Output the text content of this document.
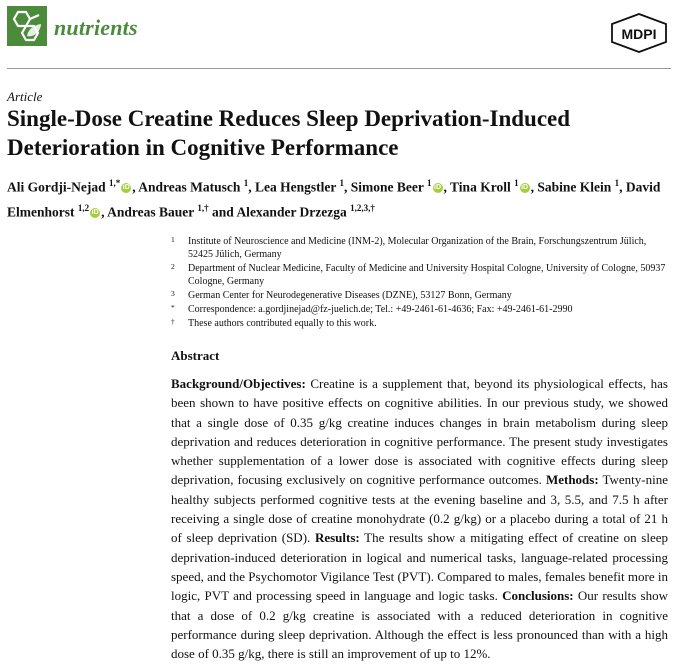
nutrients	MDPI
Article
Single-Dose Creatine Reduces Sleep Deprivation-Induced Deterioration in Cognitive Performance
Ali Gordji-Nejad $^{1,*}$ iD , Andreas Matusch $^1$, Lea Hengstler $^1$, Simone Beer $^1$ iD , Tina Kroll $^1$ iD , Sabine Klein $^1$, David Elmenhorst $^{1,2}$ iD , Andreas Bauer $^{1,\dagger}$ and Alexander Drzezga $^{1,2,3,\dagger}$
1 Institute of Neuroscience and Medicine (INM-2), Molecular Organization of the Brain, Forschungszentrum Jülich, 52425 Jülich, Germany
2 Department of Nuclear Medicine, Faculty of Medicine and University Hospital Cologne, University of Cologne, 50937 Cologne, Germany
3 German Center for Neurodegenerative Diseases (DZNE), 53127 Bonn, Germany
* Correspondence: a.gordjinejad@fz-juelich.de; Tel.: +49-2461-61-4636; Fax: +49-2461-61-2990
† These authors contributed equally to this work.
Abstract
Background/Objectives: Creatine is a supplement that, beyond its physiological effects, has been shown to have positive effects on cognitive abilities. In our previous study, we showed that a single dose of 0.35 g/kg creatine induces changes in brain metabolism during sleep deprivation and reduces deterioration in cognitive performance. The present study investigates whether supplementation of a lower dose is associated with cognitive effects during sleep deprivation, focusing exclusively on cognitive performance outcomes. Methods: Twenty-nine healthy subjects performed cognitive tests at the evening baseline and 3, 5.5, and 7.5 h after receiving a single dose of creatine monohydrate (0.2 g/kg) or a placebo during a total of 21 h of sleep deprivation (SD). Results: The results show a mitigating effect of creatine on sleep deprivation-induced deterioration in logical and numerical tasks, language-related processing speed, and the Psychomotor Vigilance Test (PVT). Compared to males, females benefit more in logic, PVT and processing speed in language and logic tasks. Conclusions: Our results show that a dose of 0.2 g/kg creatine is associated with a reduced deterioration in cognitive performance during sleep deprivation. Although the effect is less pronounced than with a high dose of 0.35 g/kg, there is still an improvement of up to 12%.
